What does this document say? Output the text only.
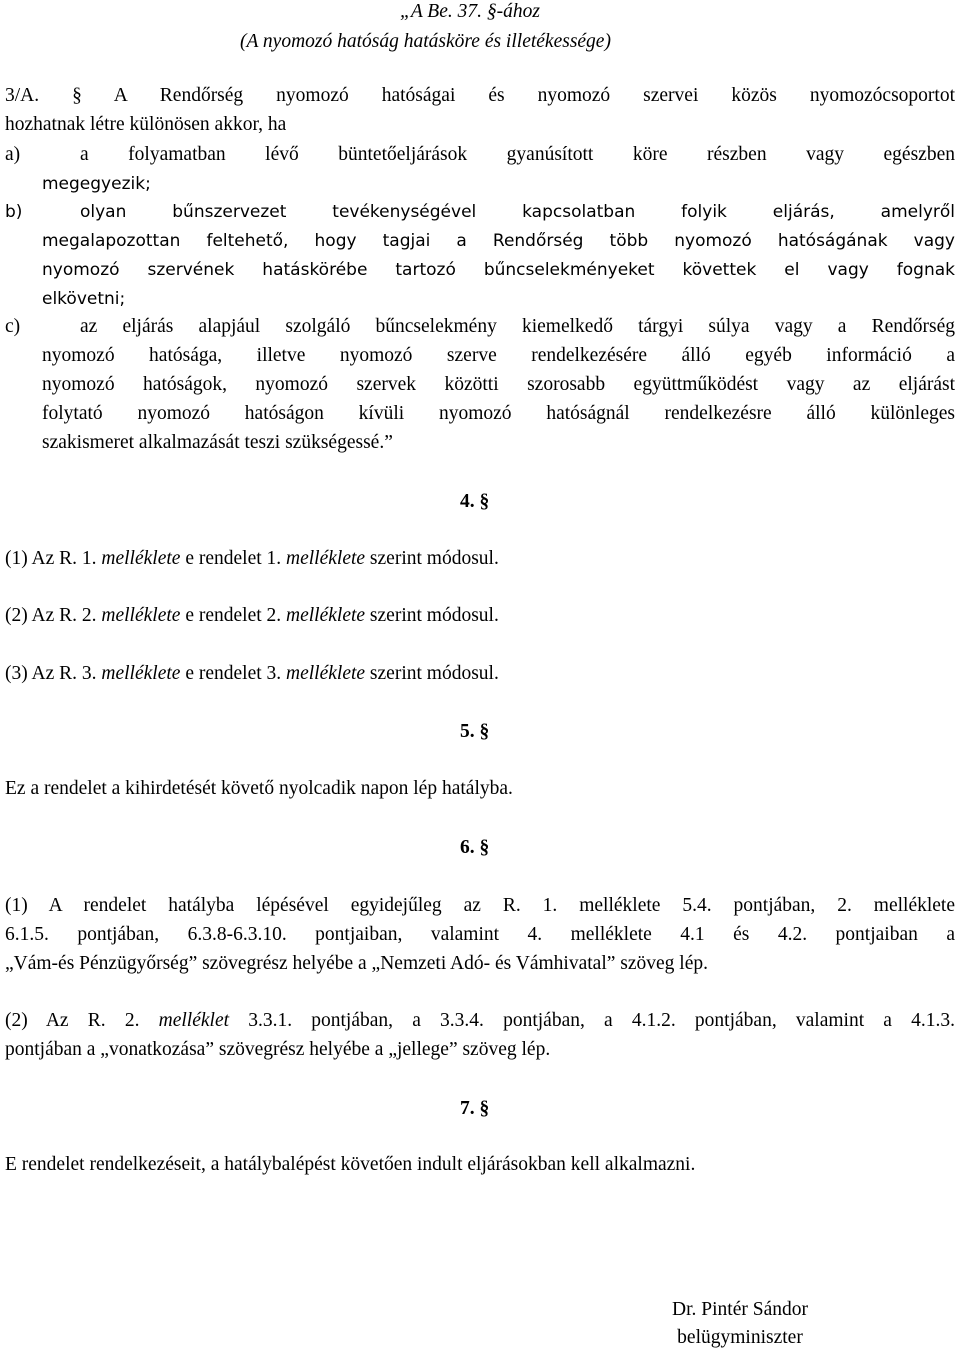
„A Be. 37. §-ához
(A nyomozó hatóság hatásköre és illetékessége)
3/A. § A Rendőrség nyomozó hatóságai és nyomozó szervei közös nyomozócsoportot
hozhatnak létre különösen akkor, ha
a)	a folyamatban lévő büntetőeljárások gyanúsított köre részben vagy egészben
megegyezik;
b)	olyan bűnszervezet tevékenységével kapcsolatban folyik eljárás, amelyről
megalapozottan feltehető, hogy tagjai a Rendőrség több nyomozó hatóságának vagy
nyomozó szervének hatáskörébe tartozó bűncselekményeket követtek el vagy fognak
elkövetni;
c)	az eljárás alapjául szolgáló bűncselekmény kiemelkedő tárgyi súlya vagy a Rendőrség
nyomozó hatósága, illetve nyomozó szerve rendelkezésére álló egyéb információ a
nyomozó hatóságok, nyomozó szervek közötti szorosabb együttműködést vagy az eljárást
folytató nyomozó hatóságon kívüli nyomozó hatóságnál rendelkezésre álló különleges
szakismeret alkalmazását teszi szükségessé.”
4. §
(1) Az R. 1. melléklete e rendelet 1. melléklete szerint módosul.
(2) Az R. 2. melléklete e rendelet 2. melléklete szerint módosul.
(3) Az R. 3. melléklete e rendelet 3. melléklete szerint módosul.
5. §
Ez a rendelet a kihirdetését követő nyolcadik napon lép hatályba.
6. §
(1) A rendelet hatályba lépésével egyidejűleg az R. 1. melléklete 5.4. pontjában, 2. melléklete
6.1.5. pontjában, 6.3.8-6.3.10. pontjaiban, valamint 4. melléklete 4.1 és 4.2. pontjaiban a
„Vám-és Pénzügyőrség” szövegrész helyébe a „Nemzeti Adó- és Vámhivatal” szöveg lép.
(2) Az R. 2. melléklet 3.3.1. pontjában, a 3.3.4. pontjában, a 4.1.2. pontjában, valamint a 4.1.3.
pontjában a „vonatkozása” szövegrész helyébe a „jellege” szöveg lép.
7. §
E rendelet rendelkezéseit, a hatálybalépést követően indult eljárásokban kell alkalmazni.
Dr. Pintér Sándor
belügyminiszter
